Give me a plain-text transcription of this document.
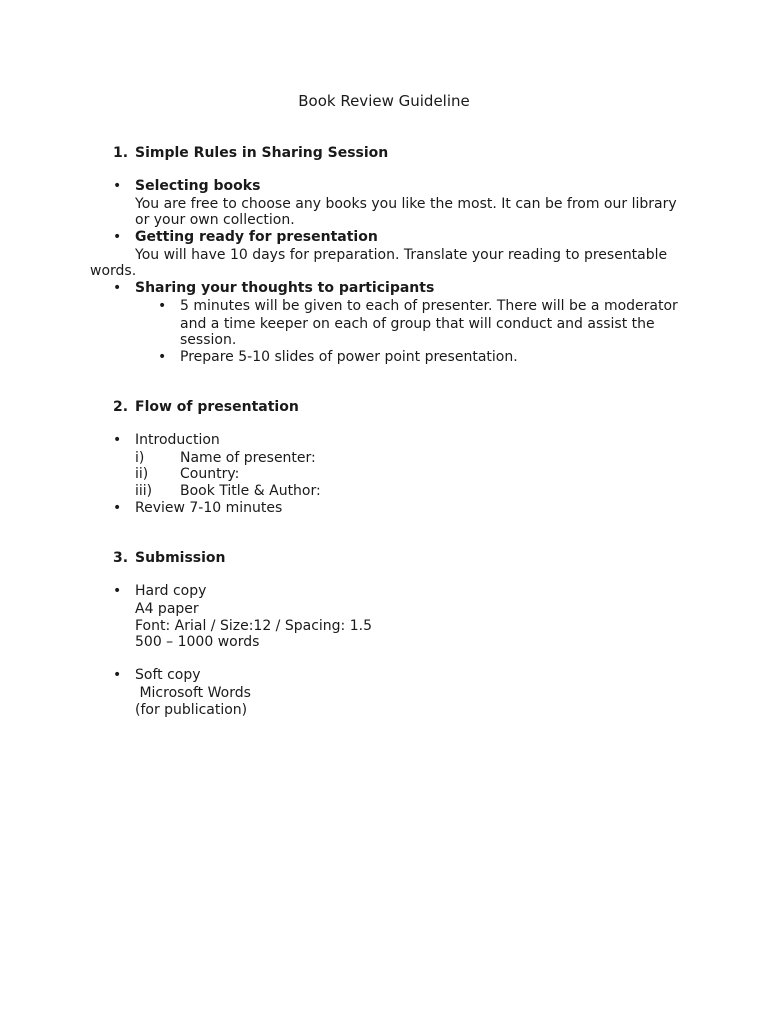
Book Review Guideline
1. Simple Rules in Sharing Session
• Selecting books
You are free to choose any books you like the most. It can be from our library
or your own collection.
• Getting ready for presentation
You will have 10 days for preparation. Translate your reading to presentable
words.
• Sharing your thoughts to participants
• 5 minutes will be given to each of presenter. There will be a moderator
and a time keeper on each of group that will conduct and assist the
session.
• Prepare 5-10 slides of power point presentation.
2. Flow of presentation
• Introduction
i)	Name of presenter:
ii) Country:
iii) Book Title & Author:
• Review 7-10 minutes
3. Submission
• Hard copy
A4 paper
Font: Arial / Size:12 / Spacing: 1.5
500 – 1000 words
• Soft copy
Microsoft Words
(for publication)
